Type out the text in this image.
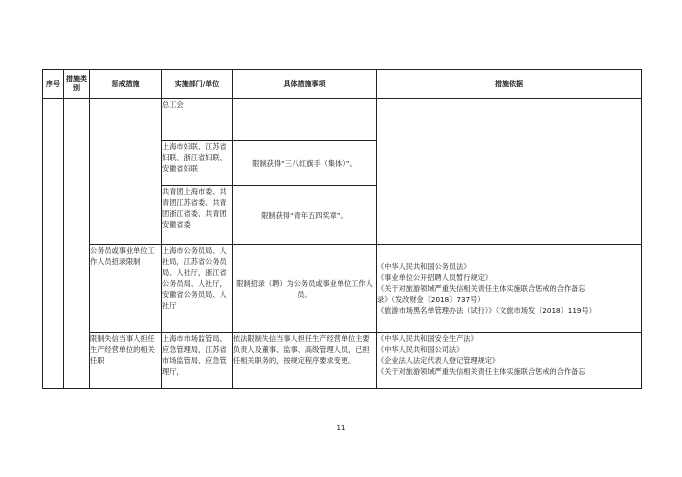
序号	措施类别	惩戒措施	实施部门/单位	具体措施事项	措施依据
			总工会		
			上海市妇联、江苏省妇联、浙江省妇联、安徽省妇联	限制获得“三八红旗手（集体）”。	
			共青团上海市委、共青团江苏省委、共青团浙江省委、共青团安徽省委	限制获得“青年五四奖章”。	
		公务员或事业单位工作人员招录限制	上海市公务员局、人社局，江苏省公务员局、人社厅，浙江省公务员局、人社厅，安徽省公务员局、人社厅	限制招录（聘）为公务员或事业单位工作人员。	《中华人民共和国公务员法》

《事业单位公开招聘人员暂行规定》

《关于对旅游领域严重失信相关责任主体实施联合惩戒的合作备忘

录》（发改财金〔2018〕737号）

《旅游市场黑名单管理办法（试行）》（文旅市场发〔2018〕119号）

		限制失信当事人担任生产经营单位的相关任职	上海市市场监管局、应急管理局，江苏省市场监管局、应急管理厅，	依法限制失信当事人担任生产经营单位主要负责人及董事、监事、高级管理人员，已担任相关职务的，按规定程序要求变更。	《中华人民共和国安全生产法》

《中华人民共和国公司法》

《企业法人法定代表人登记管理规定》

《关于对旅游领域严重失信相关责任主体实施联合惩戒的合作备忘

11
